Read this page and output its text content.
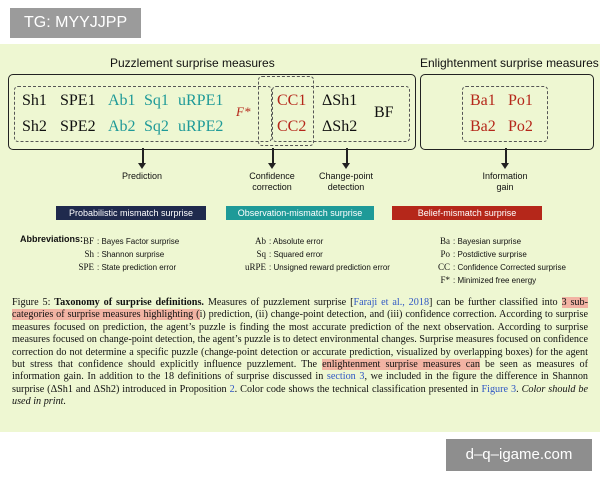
TG: MYYJJPP
Puzzlement surprise measures	Enlightenment surprise measures
Sh1 SPE1 Ab1 Sq1 uRPE1	CC1 ΔSh1	Ba1 Po1
Sh2 SPE2 Ab2 Sq2 uRPE2	CC2 ΔSh2	Ba2 Po2
F*	BF
Prediction	Confidence
correction
Change-point
detection
Information
gain
Probabilistic mismatch surprise	Observation-mismatch surprise	Belief-mismatch surprise
Abbreviations: BF : Bayes Factor surprise
Sh : Shannon surprise
SPE : State prediction error
Ab : Absolute error
Sq : Squared error
uRPE : Unsigned reward prediction error
Ba : Bayesian surprise
Po : Postdictive surprise
CC : Confidence Corrected surprise
F* : Minimized free energy
Figure 5: Taxonomy of surprise definitions. Measures of puzzlement surprise [Faraji et al., 2018] can be further classified into 3 sub-categories of surprise measures highlighting (i) prediction, (ii) change-point detection, and (iii) confidence correction. According to surprise measures focused on prediction, the agent’s puzzle is finding the most accurate prediction of the next observation. According to surprise measures focused on change-point detection, the agent’s puzzle is to detect environmental changes. Surprise measures focused on confidence correction do not determine a specific puzzle (change-point detection or accurate prediction, visualized by overlapping boxes) for the agent but stress that confidence should explicitly influence puzzlement. The enlightenment surprise measures can be seen as measures of information gain. In addition to the 18 definitions of surprise discussed in section 3, we included in the figure the difference in Shannon surprise (ΔSh1 and ΔSh2) introduced in Proposition 2. Color code shows the technical classification presented in Figure 3. Color should be used in print.
d–q–igame.com
